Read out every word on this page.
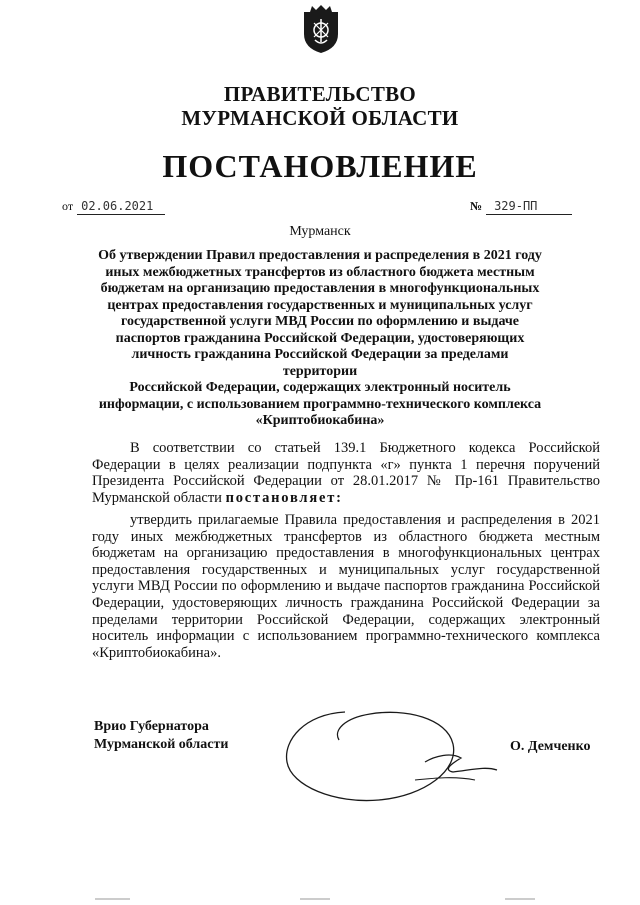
ПРАВИТЕЛЬСТВО
МУРМАНСКОЙ ОБЛАСТИ
ПОСТАНОВЛЕНИЕ
от 02.06.2021	№ 329-ПП
Мурманск
Об утверждении Правил предоставления и распределения в 2021 году
иных межбюджетных трансфертов из областного бюджета местным
бюджетам на организацию предоставления в многофункциональных
центрах предоставления государственных и муниципальных услуг
государственной услуги МВД России по оформлению и выдаче
паспортов гражданина Российской Федерации, удостоверяющих
личность гражданина Российской Федерации за пределами территории
Российской Федерации, содержащих электронный носитель
информации, с использованием программно-технического комплекса
«Криптобиокабина»

В соответствии со статьей 139.1 Бюджетного кодекса Российской Федерации в целях реализации подпункта «г» пункта 1 перечня поручений Президента Российской Федерации от 28.01.2017 № Пр-161 Правительство Мурманской области постановляет:

утвердить прилагаемые Правила предоставления и распределения в 2021 году иных межбюджетных трансфертов из областного бюджета местным бюджетам на организацию предоставления в многофункциональных центрах предоставления государственных и муниципальных услуг государственной услуги МВД России по оформлению и выдаче паспортов гражданина Российской Федерации, удостоверяющих личность гражданина Российской Федерации за пределами территории Российской Федерации, содержащих электронный носитель информации с использованием программно-технического комплекса «Криптобиокабина».

Врио Губернатора
Мурманской области	О. Демченко
